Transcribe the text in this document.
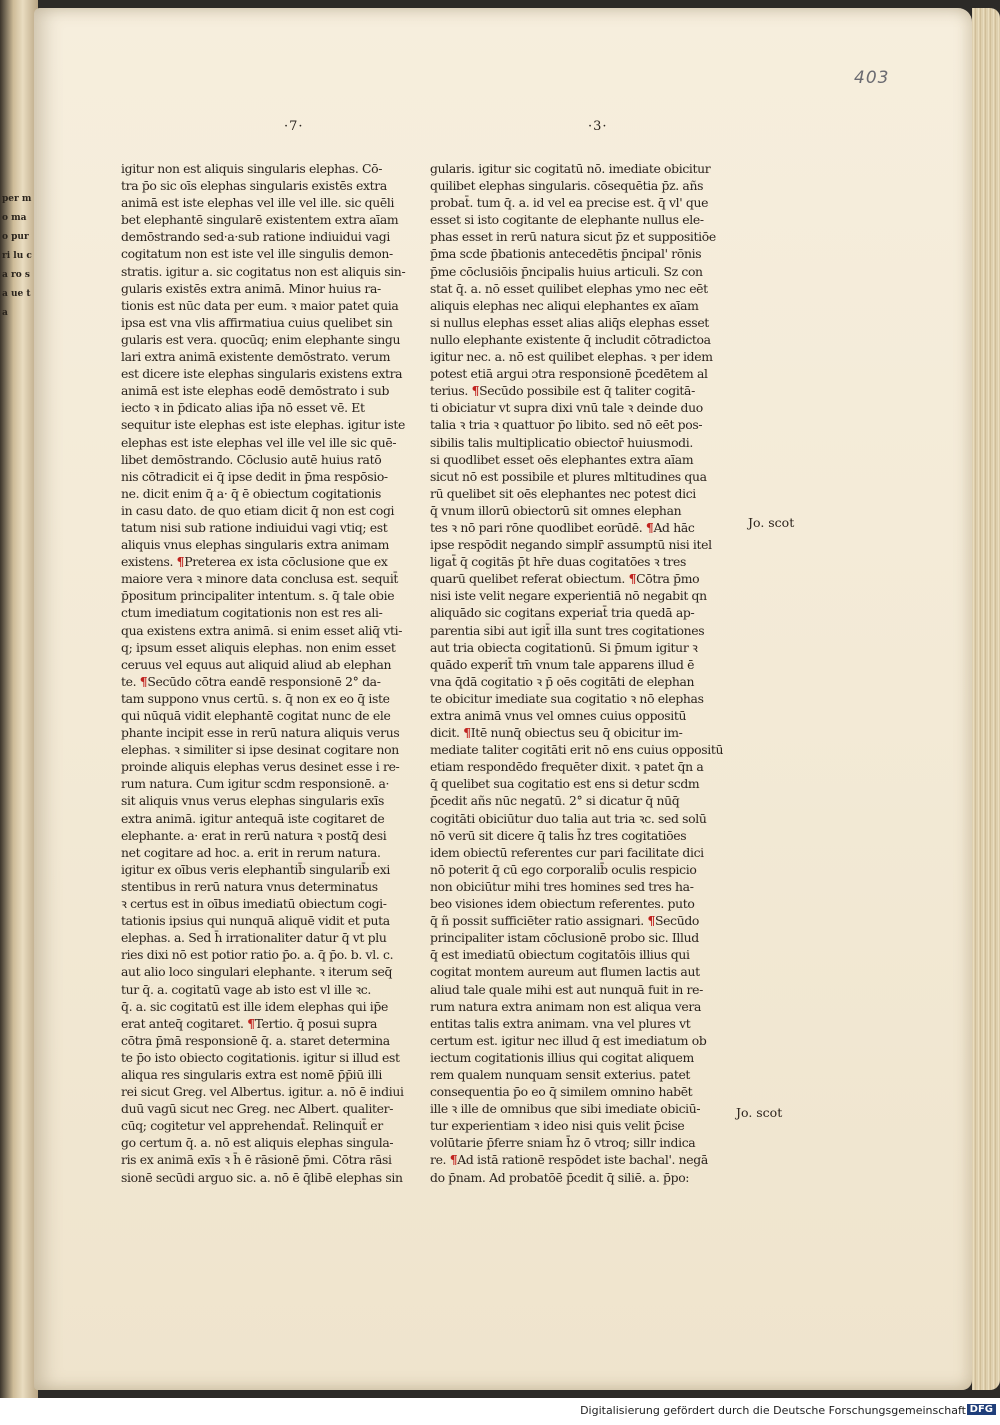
per mo ma o pur ri lu ca ro sa ue ta
403
·7·	·3·
igitur non est aliquis singularis elephas. Cō-
tra p̄o sic oīs elephas singularis existēs extra
animā est iste elephas vel ille vel ille. sic quēli
bet elephantē singularē existentem extra aīam
demōstrando sed·a·sub ratione indiuidui vagi
cogitatum non est iste vel ille singulis demon-
stratis. igitur a. sic cogitatus non est aliquis sin-
gularis existēs extra animā. Minor huius ra-
tionis est nūc data per eum. ꝛ maior patet quia
ipsa est vna vlis affirmatiua cuius quelibet sin
gularis est vera. quocūq; enim elephante singu
lari extra animā existente demōstrato. verum
est dicere iste elephas singularis existens extra
animā est iste elephas eodē demōstrato i sub
iecto ꝛ in p̄dicato alias ip̄a nō esset vē. Et
sequitur iste elephas est iste elephas. igitur iste
elephas est iste elephas vel ille vel ille sic quē-
libet demōstrando. Cōclusio autē huius ratō
nis cōtradicit ei q̄ ipse dedit in p̄ma respōsio-
ne. dicit enim q̄ a· q̄ ē obiectum cogitationis
in casu dato. de quo etiam dicit q̄ non est cogi
tatum nisi sub ratione indiuidui vagi vtiq; est
aliquis vnus elephas singularis extra animam
existens. ¶Preterea ex ista cōclusione que ex
maiore vera ꝛ minore data conclusa est. sequit̄
p̄positum principaliter intentum. s. q̄ tale obie
ctum imediatum cogitationis non est res ali-
qua existens extra animā. si enim esset aliq̄ vti-
q; ipsum esset aliquis elephas. non enim esset
ceruus vel equus aut aliquid aliud ab elephan
te. ¶Secūdo cōtra eandē responsionē 2° da-
tam suppono vnus certū. s. q̄ non ex eo q̄ iste
qui nūquā vidit elephantē cogitat nunc de ele
phante incipit esse in rerū natura aliquis verus
elephas. ꝛ similiter si ipse desinat cogitare non
proinde aliquis elephas verus desinet esse i re-
rum natura. Cum igitur scdm responsionē. a·
sit aliquis vnus verus elephas singularis exīs
extra animā. igitur antequā iste cogitaret de
elephante. a· erat in rerū natura ꝛ postq̄ desi
net cogitare ad hoc. a. erit in rerum natura.
igitur ex oībus veris elephantib̄ singularib̄ exi
stentibus in rerū natura vnus determinatus
ꝛ certus est in oībus imediatū obiectum cogi-
tationis ipsius qui nunquā aliquē vidit et puta
elephas. a. Sed h̄ irrationaliter datur q̄ vt plu
ries dixi nō est potior ratio p̄o. a. q̄ p̄o. b. vl. c.
aut alio loco singulari elephante. ꝛ iterum seq̄
tur q̄. a. cogitatū vage ab isto est vl ille ꝛc.
q̄. a. sic cogitatū est ille idem elephas qui ip̄e
erat anteq̄ cogitaret. ¶Tertio. q̄ posui supra
cōtra p̄mā responsionē q̄. a. staret determina
te p̄o isto obiecto cogitationis. igitur si illud est
aliqua res singularis extra est nomē p̄p̄iū illi
rei sicut Greg. vel Albertus. igitur. a. nō ē indiui
duū vagū sicut nec Greg. nec Albert. qualiter-
cūq; cogitetur vel apprehendat̄. Relinquit̄ er
go certum q̄. a. nō est aliquis elephas singula-
ris ex animā exīs ꝛ h̄ ē rāsionē p̄mi. Cōtra rāsi
sionē secūdi arguo sic. a. nō ē q̄libē elephas sin
gularis. igitur sic cogitatū nō. imediate obicitur
quilibet elephas singularis. cōsequētia p̄z. añs
probat̄. tum q̄. a. id vel ea precise est. q̄ vl' que
esset si isto cogitante de elephante nullus ele-
phas esset in rerū natura sicut p̄z et suppositiōe
p̄ma scde p̄bationis antecedētis p̄ncipal' rōnis
p̄me cōclusiōis p̄ncipalis huius articuli. Sz con
stat q̄. a. nō esset quilibet elephas ymo nec eēt
aliquis elephas nec aliqui elephantes ex aīam
si nullus elephas esset alias aliq̄s elephas esset
nullo elephante existente q̄ includit cōtradictoa
igitur nec. a. nō est quilibet elephas. ꝛ per idem
potest etiā argui ɔtra responsionē p̄cedētem al
terius. ¶Secūdo possibile est q̄ taliter cogitā-
ti obiciatur vt supra dixi vnū tale ꝛ deinde duo
talia ꝛ tria ꝛ quattuor p̄o libito. sed nō eēt pos-
sibilis talis multiplicatio obiector̄ huiusmodi.
si quodlibet esset oēs elephantes extra aīam
sicut nō est possibile et plures mltitudines qua
rū quelibet sit oēs elephantes nec potest dici
q̄ vnum illorū obiectorū sit omnes elephan
tes ꝛ nō pari rōne quodlibet eorūdē. ¶Ad hāc
ipse respōdit negando simplr̄ assumptū nisi itel
ligat̄ q̄ cogitās p̄t hr̄e duas cogitatōes ꝛ tres
quarū quelibet referat obiectum. ¶Cōtra p̄mo
nisi iste velit negare experientiā nō negabit qn
aliquādo sic cogitans experiat̄ tria quedā ap-
parentia sibi aut igit̄ illa sunt tres cogitationes
aut tria obiecta cogitationū. Si p̄mum igitur ꝛ
quādo experit̄ tm̄ vnum tale apparens illud ē
vna q̄dā cogitatio ꝛ p̄ oēs cogitāti de elephan
te obicitur imediate sua cogitatio ꝛ nō elephas
extra animā vnus vel omnes cuius oppositū
dicit. ¶Itē nunq̄ obiectus seu q̄ obicitur im-
mediate taliter cogitāti erit nō ens cuius oppositū
etiam respondēdo frequēter dixit. ꝛ patet q̄n a
q̄ quelibet sua cogitatio est ens si detur scdm
p̄cedit añs nūc negatū. 2° si dicatur q̄ nūq̄
cogitāti obiciūtur duo talia aut tria ꝛc. sed solū
nō verū sit dicere q̄ talis h̄z tres cogitatiōes
idem obiectū referentes cur pari facilitate dici
nō poterit q̄ cū ego corporalib̄ oculis respicio
non obiciūtur mihi tres homines sed tres ha-
beo visiones idem obiectum referentes. puto
q̄ ñ possit sufficiēter ratio assignari. ¶Secūdo
principaliter istam cōclusionē probo sic. Illud
q̄ est imediatū obiectum cogitatōis illius qui
cogitat montem aureum aut flumen lactis aut
aliud tale quale mihi est aut nunquā fuit in re-
rum natura extra animam non est aliqua vera
entitas talis extra animam. vna vel plures vt
certum est. igitur nec illud q̄ est imediatum ob
iectum cogitationis illius qui cogitat aliquem
rem qualem nunquam sensit exterius. patet
consequentia p̄o eo q̄ similem omnino habēt
ille ꝛ ille de omnibus que sibi imediate obiciū-
tur experientiam ꝛ ideo nisi quis velit p̄cise
volūtarie p̄ferre sniam h̄z ō vtroq; sillr indica
re. ¶Ad istā rationē respōdet iste bachal'. negā
do p̄nam. Ad probatōē p̄cedit q̄ siliē. a. p̄po:
Jo. scot
Jo. scot
Digitalisierung gefördert durch die Deutsche Forschungsgemeinschaft DFG
